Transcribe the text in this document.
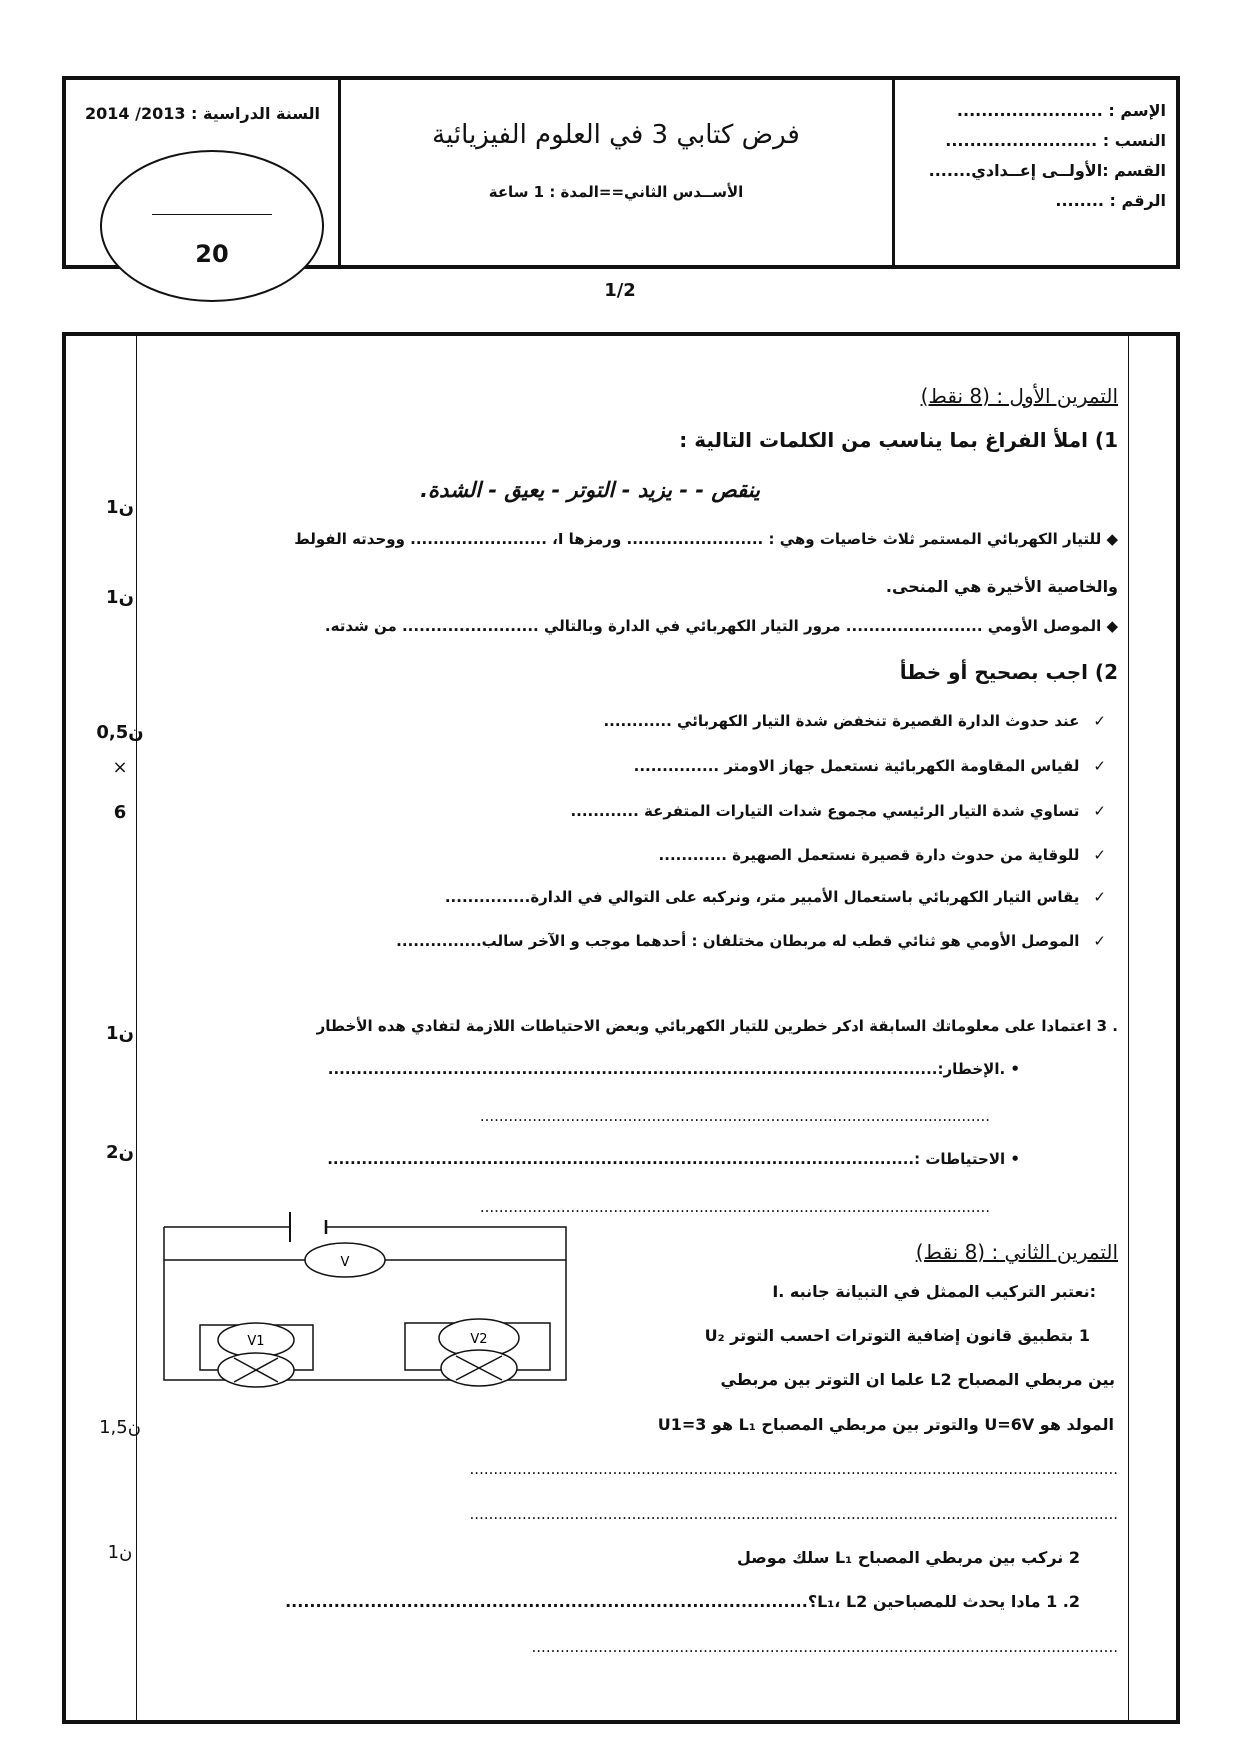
السنة الدراسية : 2013/ 2014
فرض كتابي 3 في العلوم الفيزيائية
الأســدس الثاني==المدة : 1 ساعة
الإسم : ........................
النسب : .........................
القسم :الأولــى إعــدادي.......
الرقم : ........
20
1/2
1ن
1ن
0,5ن
×
6
1ن
2ن
1,5ن
1ن
التمرين الأول : (8 نقط)
1) املأ الفراغ بما يناسب من الكلمات التالية :
ينقص - - يزيد - التوتر - يعيق - الشدة.
◆ للتيار الكهربائي المستمر ثلاث خاصيات وهي : ........................ ورمزها I، ........................ ووحدته الفولط
والخاصية الأخيرة هي المنحى.
◆ الموصل الأومي ........................ مرور التيار الكهربائي في الدارة وبالتالي ........................ من شدته.
2) اجب بصحيح أو خطأ
✓ عند حدوث الدارة القصيرة تنخفض شدة التيار الكهربائي ............
✓ لقياس المقاومة الكهربائية نستعمل جهاز الاومتر ...............
✓ تساوي شدة التيار الرئيسي مجموع شدات التيارات المتفرعة ............
✓ للوقاية من حدوث دارة قصيرة نستعمل الصهيرة ............
✓ يقاس التيار الكهربائي باستعمال الأمبير متر، ونركبه على التوالي في الدارة...............
✓ الموصل الأومي هو ثنائي قطب له مربطان مختلفان : أحدهما موجب و الآخر سالب...............
. 3 اعتمادا على معلوماتك السابقة ادكر خطرين للتيار الكهربائي وبعض الاحتياطات اللازمة لتفادي هده الأخطار
• .الإخطار:...........................................................................................................
...........................................................................................................
• الاحتياطات :.......................................................................................................
...........................................................................................................
التمرين الثاني : (8 نقط)
I. نعتبر التركيب الممثل في التبيانة جانبه:
1 بتطبيق قانون إضافية التوترات احسب التوتر U₂
بين مربطي المصباح L2 علما ان التوتر بين مربطي
المولد هو U=6V والتوتر بين مربطي المصباح L₁ هو U1=3
........................................................................................................................................
........................................................................................................................................
2 نركب بين مربطي المصباح L₁ سلك موصل
2. 1 مادا يحدث للمصباحين L₁، L2؟......................................................................................
...........................................................................................................................
V
V1	V2
